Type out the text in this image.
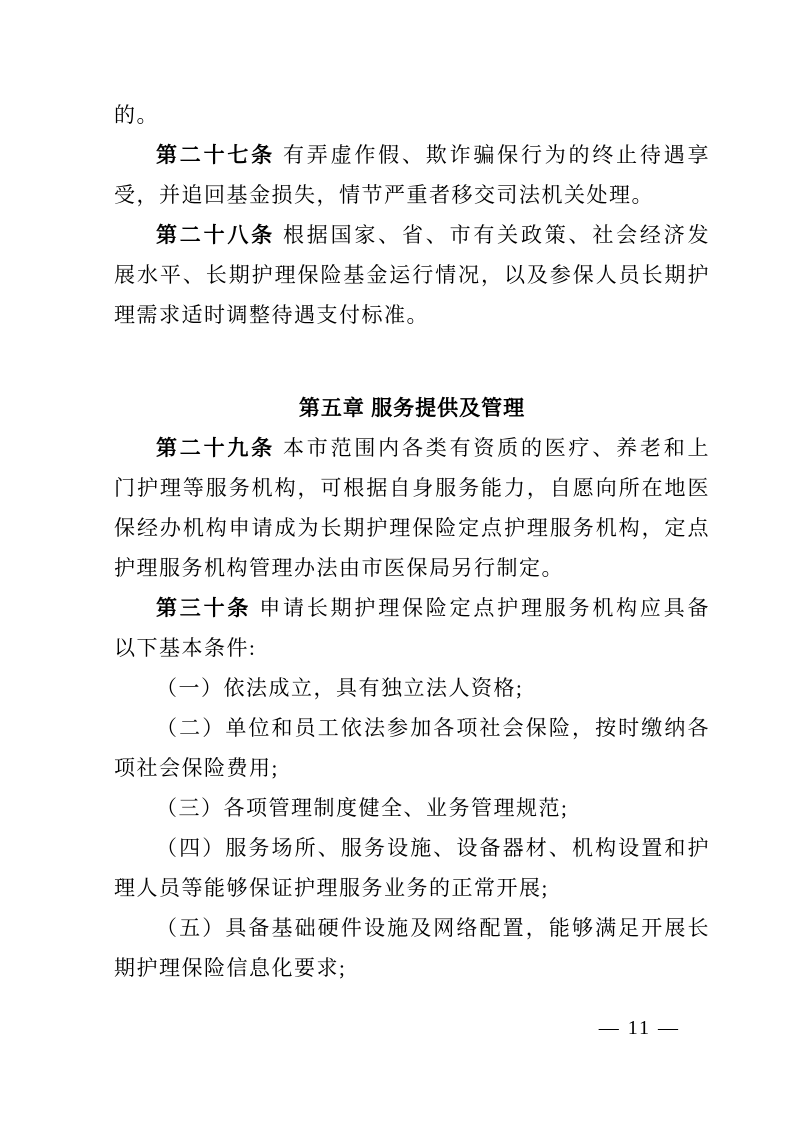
的。
第二十七条 有弄虚作假、欺诈骗保行为的终止待遇享
受，并追回基金损失，情节严重者移交司法机关处理。
第二十八条 根据国家、省、市有关政策、社会经济发
展水平、长期护理保险基金运行情况，以及参保人员长期护
理需求适时调整待遇支付标准。
第五章 服务提供及管理
第二十九条 本市范围内各类有资质的医疗、养老和上
门护理等服务机构，可根据自身服务能力，自愿向所在地医
保经办机构申请成为长期护理保险定点护理服务机构，定点
护理服务机构管理办法由市医保局另行制定。
第三十条 申请长期护理保险定点护理服务机构应具备
以下基本条件:
（一）依法成立，具有独立法人资格;
（二）单位和员工依法参加各项社会保险，按时缴纳各
项社会保险费用;
（三）各项管理制度健全、业务管理规范;
（四）服务场所、服务设施、设备器材、机构设置和护
理人员等能够保证护理服务业务的正常开展;
（五）具备基础硬件设施及网络配置，能够满足开展长
期护理保险信息化要求;
— 11 —
